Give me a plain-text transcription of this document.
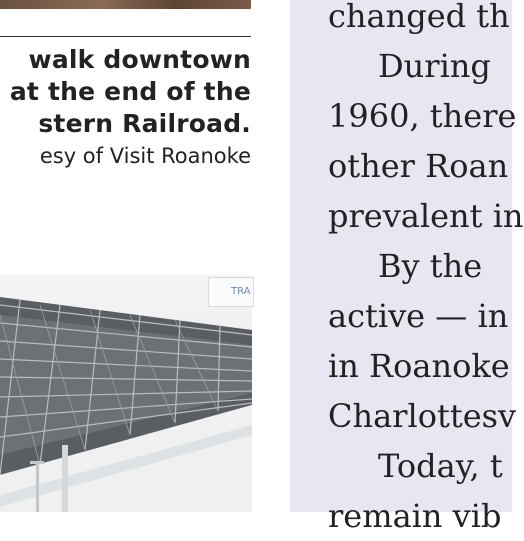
walk downtown

at the end of the

stern Railroad.

esy of Visit Roanoke

TRA
changed th
During
1960, there
other Roan
prevalent in
By the
active — in
in Roanoke
Charlottesv
Today, t
remain vib
